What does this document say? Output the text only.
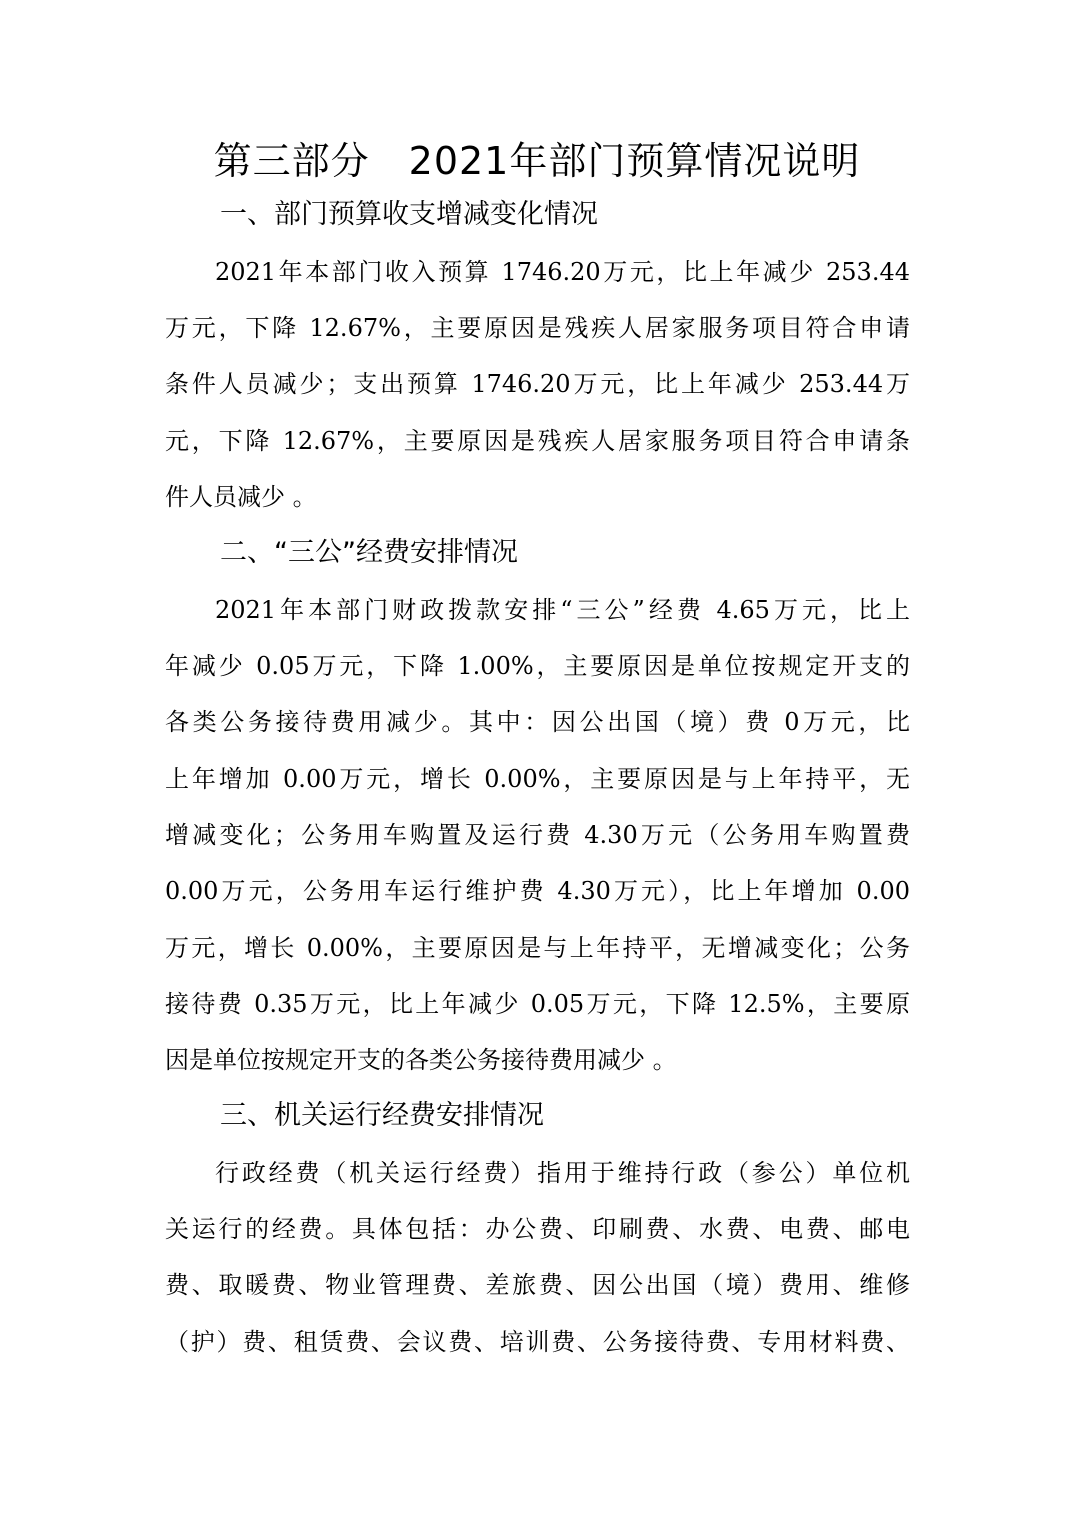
第三部分　2021年部门预算情况说明
一、部门预算收支增减变化情况
2021年本部门收入预算 1746.20万元，比上年减少 253.44
万元，下降 12.67%，主要原因是残疾人居家服务项目符合申请
条件人员减少；支出预算 1746.20万元，比上年减少 253.44万
元，下降 12.67%，主要原因是残疾人居家服务项目符合申请条
件人员减少 。
二、“三公”经费安排情况
2021年本部门财政拨款安排“三公”经费 4.65万元，比上
年减少 0.05万元，下降 1.00%，主要原因是单位按规定开支的
各类公务接待费用减少。其中：因公出国（境）费 0万元，比
上年增加 0.00万元，增长 0.00%，主要原因是与上年持平，无
增减变化；公务用车购置及运行费 4.30万元（公务用车购置费
0.00万元，公务用车运行维护费 4.30万元），比上年增加 0.00
万元，增长 0.00%，主要原因是与上年持平，无增减变化；公务
接待费 0.35万元，比上年减少 0.05万元，下降 12.5%，主要原
因是单位按规定开支的各类公务接待费用减少 。
三、机关运行经费安排情况
行政经费（机关运行经费）指用于维持行政（参公）单位机
关运行的经费。具体包括：办公费、印刷费、水费、电费、邮电
费、取暖费、物业管理费、差旅费、因公出国（境）费用、维修
（护）费、租赁费、会议费、培训费、公务接待费、专用材料费、
